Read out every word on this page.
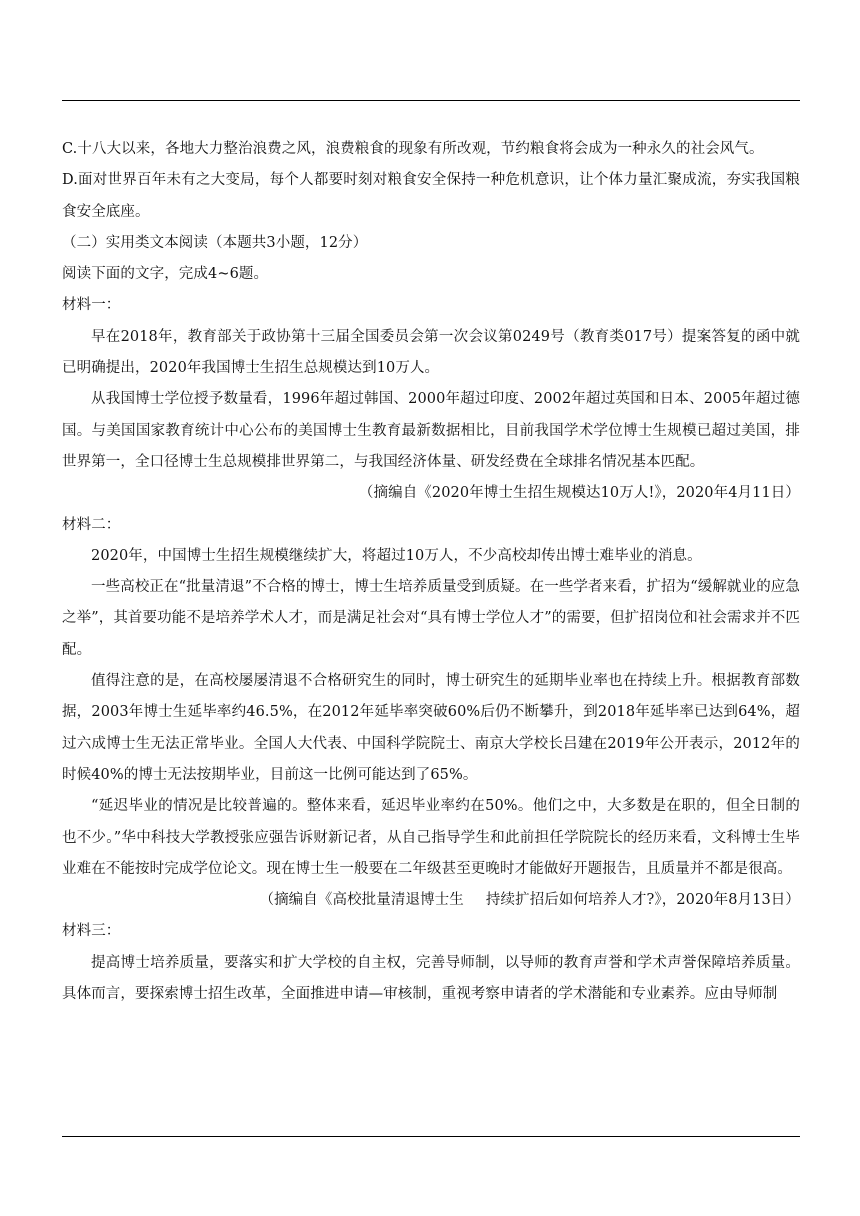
C.十八大以来，各地大力整治浪费之风，浪费粮食的现象有所改观，节约粮食将会成为一种永久的社会风气。

D.面对世界百年未有之大变局，每个人都要时刻对粮食安全保持一种危机意识，让个体力量汇聚成流，夯实我国粮食安全底座。

（二）实用类文本阅读（本题共3小题，12分）

阅读下面的文字，完成4~6题。

材料一：

早在2018年，教育部关于政协第十三届全国委员会第一次会议第0249号（教育类017号）提案答复的函中就已明确提出，2020年我国博士生招生总规模达到10万人。

从我国博士学位授予数量看，1996年超过韩国、2000年超过印度、2002年超过英国和日本、2005年超过德国。与美国国家教育统计中心公布的美国博士生教育最新数据相比，目前我国学术学位博士生规模已超过美国，排世界第一，全口径博士生总规模排世界第二，与我国经济体量、研发经费在全球排名情况基本匹配。

（摘编自《2020年博士生招生规模达10万人!》，2020年4月11日）

材料二：

2020年，中国博士生招生规模继续扩大，将超过10万人，不少高校却传出博士难毕业的消息。

一些高校正在“批量清退”不合格的博士，博士生培养质量受到质疑。在一些学者来看，扩招为“缓解就业的应急之举”，其首要功能不是培养学术人才，而是满足社会对“具有博士学位人才”的需要，但扩招岗位和社会需求并不匹配。

值得注意的是，在高校屡屡清退不合格研究生的同时，博士研究生的延期毕业率也在持续上升。根据教育部数据，2003年博士生延毕率约46.5%，在2012年延毕率突破60%后仍不断攀升，到2018年延毕率已达到64%，超过六成博士生无法正常毕业。全国人大代表、中国科学院院士、南京大学校长吕建在2019年公开表示，2012年的时候40%的博士无法按期毕业，目前这一比例可能达到了65%。

“延迟毕业的情况是比较普遍的。整体来看，延迟毕业率约在50%。他们之中，大多数是在职的，但全日制的也不少。”华中科技大学教授张应强告诉财新记者，从自己指导学生和此前担任学院院长的经历来看，文科博士生毕业难在不能按时完成学位论文。现在博士生一般要在二年级甚至更晚时才能做好开题报告，且质量并不都是很高。

（摘编自《高校批量清退博士生 持续扩招后如何培养人才?》，2020年8月13日）

材料三：

提高博士培养质量，要落实和扩大学校的自主权，完善导师制，以导师的教育声誉和学术声誉保障培养质量。具体而言，要探索博士招生改革，全面推进申请—审核制，重视考察申请者的学术潜能和专业素养。应由导师制
